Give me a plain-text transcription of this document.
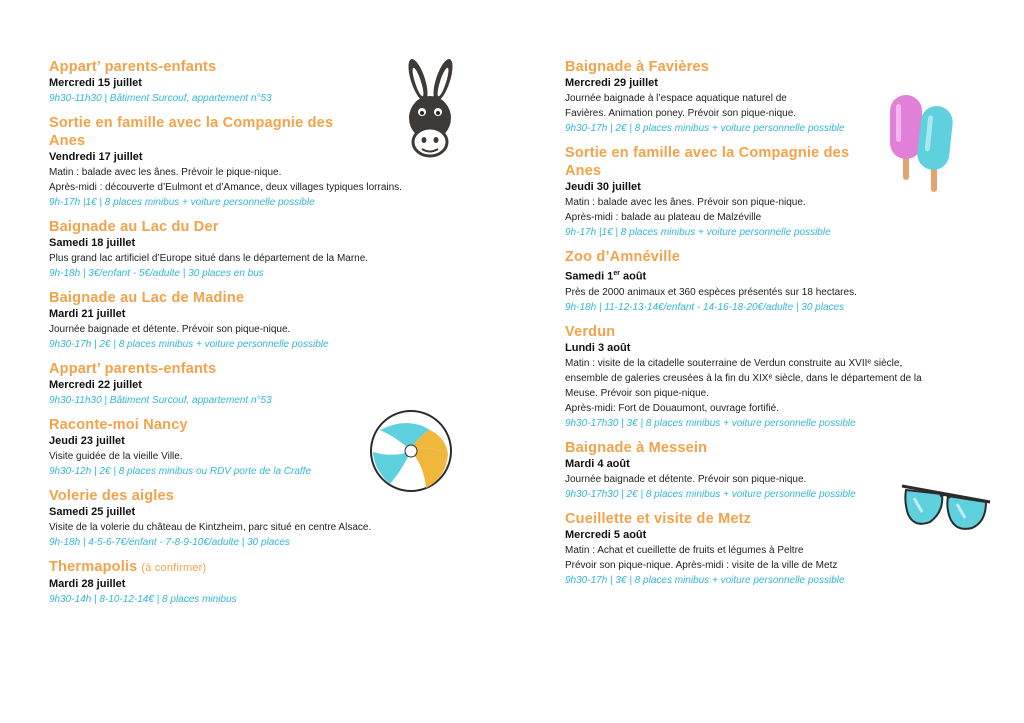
Appart’ parents-enfants
Mercredi 15 juillet
9h30-11h30 | Bâtiment Surcouf, appartement n°53
Sortie en famille avec la Compagnie des Anes
Vendredi 17 juillet
Matin : balade avec les ânes. Prévoir le pique-nique.
Après-midi : découverte d’Eulmont et d’Amance, deux villages typiques lorrains.
9h-17h |1€ | 8 places minibus + voiture personnelle possible
Baignade au Lac du Der
Samedi 18 juillet
Plus grand lac artificiel d’Europe situé dans le département de la Marne.
9h-18h | 3€/enfant - 5€/adulte | 30 places en bus
Baignade au Lac de Madine
Mardi 21 juillet
Journée baignade et détente. Prévoir son pique-nique.
9h30-17h | 2€ | 8 places minibus + voiture personnelle possible
Appart’ parents-enfants
Mercredi 22 juillet
9h30-11h30 | Bâtiment Surcouf, appartement n°53
Raconte-moi Nancy
Jeudi 23 juillet
Visite guidée de la vieille Ville.
9h30-12h | 2€ | 8 places minibus ou RDV porte de la Craffe
Volerie des aigles
Samedi 25 juillet
Visite de la volerie du château de Kintzheim, parc situé en centre Alsace.
9h-18h | 4-5-6-7€/enfant - 7-8-9-10€/adulte | 30 places
Thermapolis (à confirmer)
Mardi 28 juillet
9h30-14h | 8-10-12-14€ | 8 places minibus
Baignade à Favières
Mercredi 29 juillet
Journée baignade à l’espace aquatique naturel de
Favières. Animation poney. Prévoir son pique-nique.
9h30-17h | 2€ | 8 places minibus + voiture personnelle possible
Sortie en famille avec la Compagnie des Anes
Jeudi 30 juillet
Matin : balade avec les ânes. Prévoir son pique-nique.
Après-midi : balade au plateau de Malzéville
9h-17h |1€ | 8 places minibus + voiture personnelle possible
Zoo d’Amnéville
Samedi 1er août
Près de 2000 animaux et 360 espèces présentés sur 18 hectares.
9h-18h | 11-12-13-14€/enfant - 14-16-18-20€/adulte | 30 places
Verdun
Lundi 3 août
Matin : visite de la citadelle souterraine de Verdun construite au XVIIᵉ siècle,
ensemble de galeries creusées à la fin du XIXᵉ siècle, dans le département de la
Meuse. Prévoir son pique-nique.
Après-midi: Fort de Douaumont, ouvrage fortifié.
9h30-17h30 | 3€ | 8 places minibus + voiture personnelle possible
Baignade à Messein
Mardi 4 août
Journée baignade et détente. Prévoir son pique-nique.
9h30-17h30 | 2€ | 8 places minibus + voiture personnelle possible
Cueillette et visite de Metz
Mercredi 5 août
Matin : Achat et cueillette de fruits et légumes à Peltre
Prévoir son pique-nique. Après-midi : visite de la ville de Metz
9h30-17h | 3€ | 8 places minibus + voiture personnelle possible
